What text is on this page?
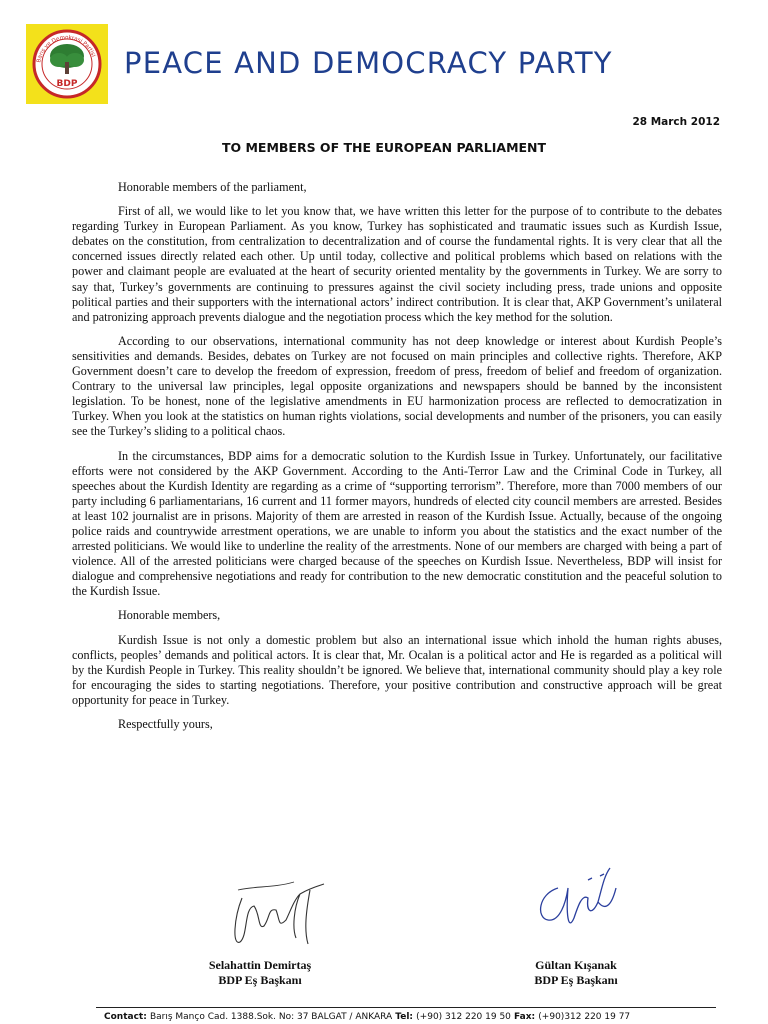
Barış ve Demokrasi Partisi
BDP
PEACE AND DEMOCRACY PARTY
28 March 2012
TO MEMBERS OF THE EUROPEAN PARLIAMENT

Honorable members of the parliament,

First of all, we would like to let you know that, we have written this letter for the purpose of to contribute to the debates regarding Turkey in European Parliament. As you know, Turkey has sophisticated and traumatic issues such as Kurdish Issue, debates on the constitution, from centralization to decentralization and of course the fundamental rights. It is very clear that all the concerned issues directly related each other. Up until today, collective and political problems which based on relations with the power and claimant people are evaluated at the heart of security oriented mentality by the governments in Turkey. We are sorry to say that, Turkey’s governments are continuing to pressures against the civil society including press, trade unions and opposite political parties and their supporters with the international actors’ indirect contribution. It is clear that, AKP Government’s unilateral and patronizing approach prevents dialogue and the negotiation process which the key method for the solution.

According to our observations, international community has not deep knowledge or interest about Kurdish People’s sensitivities and demands. Besides, debates on Turkey are not focused on main principles and collective rights. Therefore, AKP Government doesn’t care to develop the freedom of expression, freedom of press, freedom of belief and freedom of organization. Contrary to the universal law principles, legal opposite organizations and newspapers should be banned by the inconsistent legislation. To be honest, none of the legislative amendments in EU harmonization process are reflected to democratization in Turkey. When you look at the statistics on human rights violations, social developments and number of the prisoners, you can easily see the Turkey’s sliding to a political chaos.

In the circumstances, BDP aims for a democratic solution to the Kurdish Issue in Turkey. Unfortunately, our facilitative efforts were not considered by the AKP Government. According to the Anti-Terror Law and the Criminal Code in Turkey, all speeches about the Kurdish Identity are regarding as a crime of “supporting terrorism”. Therefore, more than 7000 members of our party including 6 parliamentarians, 16 current and 11 former mayors, hundreds of elected city council members are arrested. Besides at least 102 journalist are in prisons. Majority of them are arrested in reason of the Kurdish Issue. Actually, because of the ongoing police raids and countrywide arrestment operations, we are unable to inform you about the statistics and the exact number of the arrested politicians. We would like to underline the reality of the arrestments. None of our members are charged with being a part of violence. All of the arrested politicians were charged because of the speeches on Kurdish Issue. Nevertheless, BDP will insist for dialogue and comprehensive negotiations and ready for contribution to the new democratic constitution and the peaceful solution to the Kurdish Issue.

Honorable members,

Kurdish Issue is not only a domestic problem but also an international issue which inhold the human rights abuses, conflicts, peoples’ demands and political actors. It is clear that, Mr. Ocalan is a political actor and He is regarded as a political will by the Kurdish People in Turkey. This reality shouldn’t be ignored. We believe that, international community should play a key role for encouraging the sides to starting negotiations. Therefore, your positive contribution and constructive approach will be great opportunity for peace in Turkey.

Respectfully yours,

Selahattin Demirtaş
BDP Eş Başkanı
Gültan Kışanak
BDP Eş Başkanı
Contact: Barış Manço Cad. 1388.Sok. No: 37 BALGAT / ANKARA Tel: (+90) 312 220 19 50 Fax: (+90)312 220 19 77
